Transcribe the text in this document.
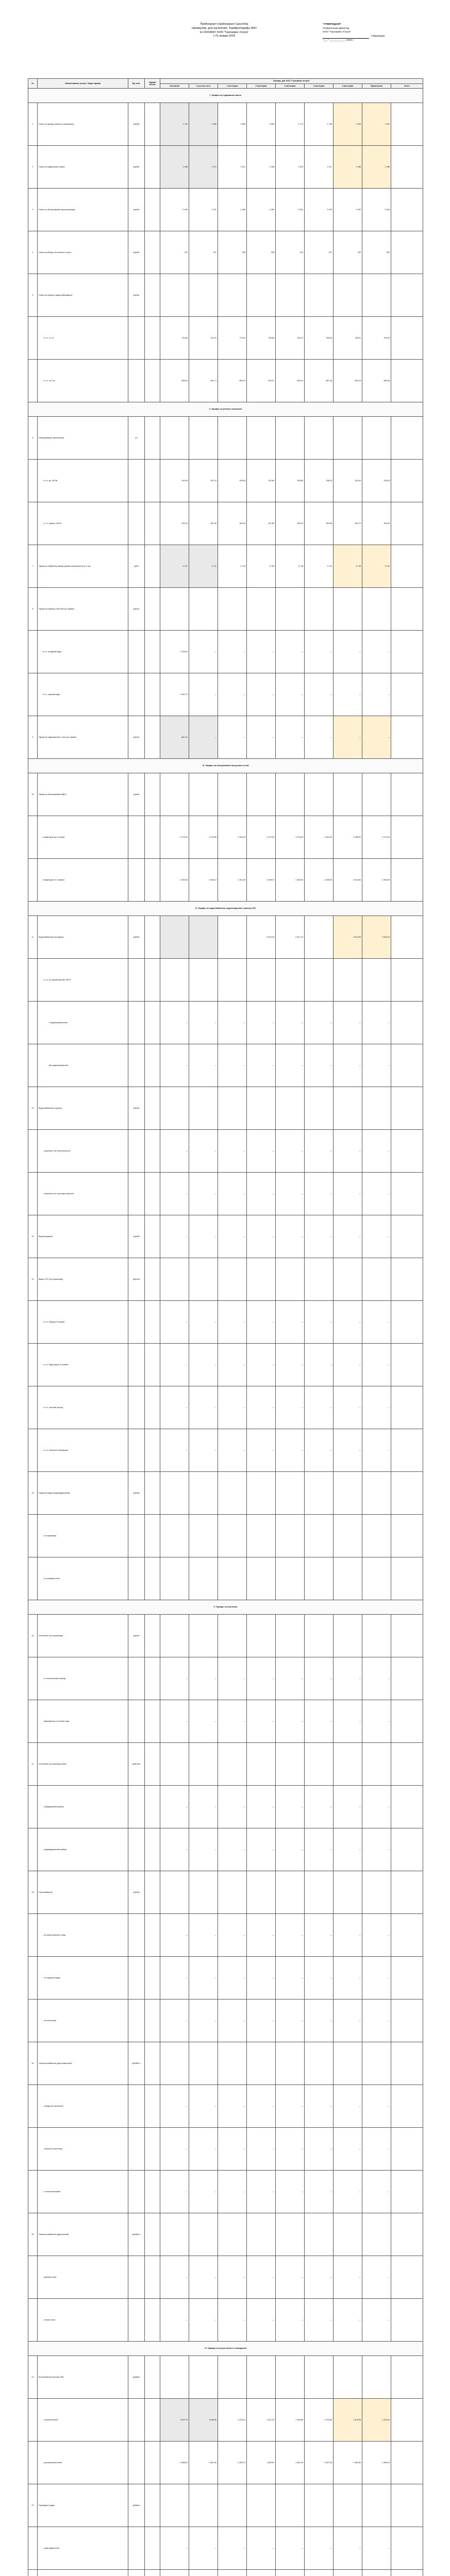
Прейскурант (прейскурант) Цен/сбор
сформулир. для населения, Тарифы/тарифы ЖКУ
по ОООЖКУ ООО "Горсервис Услуга"
с 01 января 2025
"УТВЕРЖДАЮ"
Генеральный директор
ООО "Горсервис Услуга"
Гайдамадзе
"___" ____________ 2025 г.
№	Наименование услуги / вида тарифа	Ед. изм.	Норма/ объем	Тарифы для ООО "Горсервис Услуга"								
				Основной	С учетом льгот	1 категория	2 категория	3 категория	4 категория	5 категория	Примечание	Итого
I. Тарифы на содержание жилья												
1	Плата за аренду нежилого помещения	руб/м2		1 795	1 840	1 895	1 860	1 774	1 795	1 843	1 901	
2	Плата за содержание лифта	руб/м2		1 498	1 471	1 521	1 498	1 502	1 517	1 468	1 496	
3	Плата за обслуживание мусоропровода	руб/м2		2 409	2 411	2 486	2 450	2 391	2 418	2 402	2 433	
4	Плата за уборку лестничных клеток	руб/м2		341	321	336	338	319	327	330	339	
5	Плата за охрану и видеонаблюдение	руб/м2										
	- в т.ч. с 1 эт.			754,89	761,03	770,40	758,66	760,12	765,84	768,31	762,05	
	- в т.ч. со 2 эт.			845,92	851,74	860,29	849,07	853,10	857,46	861,93	855,38	
II. Тарифы на уличное освещение												
6	Обслуживание светильника	шт										
	- в т.ч. до 100 Вт			294,90	297,10	299,45	291,80	295,60	298,15	300,40	296,25	
	- в т.ч. свыше 100 Вт			349,10	351,45	352,90	347,65	350,20	353,05	354,70	351,80	
7	Тариф за обработку заявки (вызов специалиста) за 1 час	руб/ч		17,37	17,11	17,45	17,50	17,28	17,42	17,33	17,40	
8	Тариф на поверку счётчика (по заявке)	руб/шт										
	в т.ч. холодной воды			1 196,40	—	—	—	—	—	—	—	
	в т.ч. горячей воды			1 281,70	—	—	—	—	—	—	—	
9	Тариф за подключение к сети (по заявке)	руб/шт		867,41	—	—	—	—	—	—	—	
III. Тарифы на обслуживание внутренних сетей												
10	Тариф на обслуживание ВДГО	руб/кв										
	в квартирах до 3 комнат			1 275,51	1 278,96	1 284,40	1 270,33	1 276,05	1 281,60	1 286,92	1 279,44	
	в квартирах от 4 комнат			1 502,80	1 506,10	1 511,45	1 498,70	1 503,90	1 508,25	1 513,60	1 505,35	
IV. Тарифы по водоснабжению, водоотведению и вывозу ТКО												
11	Водоснабжение (холодное)	руб/м3					2 815,40	2 817,10		2 812,90	2 816,20	
	- в т.ч. по нормативу (без ИПУ)											
	с водонагревателем			—	—	—	—	—	—	—	—	
	без водонагревателя			—	—	—	—	—	—	—	—	
12	Водоснабжение (горячее)	руб/м3										
	- компонент на теплоноситель			—	—	—	—	—	—	—	—	
	- компонент на тепловую энергию			—	—	—	—	—	—	—	—	
13	Водоотведение	руб/м3		—	—	—	—	—	—	—	—	
14	Вывоз ТКО (по нормативу)	руб/чел										
	- в т.ч. МКД до 5 этажей			—	—	—	—	—	—	—	—	
	- в т.ч. МКД свыше 5 этажей			—	—	—	—	—	—	—	—	
	- в т.ч. частный сектор			—	—	—	—	—	—	—	—	
	- в т.ч. нежилые помещения			—	—	—	—	—	—	—	—	
15	Подогрев воды (индивидуальный)	руб/м3										
	- по нормативу											
	- по прибору учёта											
V. Тарифы на отопление												
16	Отопление (по нормативу)	руб/м2										
	- в отопительный период			—	—	—	—	—	—	—	—	
	- равномерно в течение года			—	—	—	—	—	—	—	—	
17	Отопление (по прибору учёта)	руб/Гкал										
	- общедомовой прибор			—	—	—	—	—	—	—	—	
	- индивидуальный прибор			—	—	—	—	—	—	—	—	
18	Газоснабжение	руб/м3										
	- на приготовление пищи			—	—	—	—	—	—	—	—	
	- на подогрев воды			—	—	—	—	—	—	—	—	
	- на отопление			—	—	—	—	—	—	—	—	
19	Электроснабжение (одноставочный)	руб/кВт·ч										
	- городское население			—	—	—	—	—	—	—	—	
	- сельское население			—	—	—	—	—	—	—	—	
	- с электроплитами			—	—	—	—	—	—	—	—	
20	Электроснабжение (двухзонный)	руб/кВт·ч										
	- дневная зона			—	—	—	—	—	—	—	—	
	- ночная зона			—	—	—	—	—	—	—	—	
VI. Тарифы на услуги связи и телевидения												
21	Коллективная антенна (ТВ)	руб/мес										
	- основной пакет			1 402,75	1 398,40	1 405,10	1 401,20	1 399,85	1 403,60	1 400,05	1 402,30	
	- расширенный пакет			1 658,20	1 661,05	1 655,70	1 659,90	1 662,35	1 657,45	1 660,80	1 656,15	
22	Проводное радио	руб/мес										
	- одна радиоточка			—	—	—	—	—	—	—	—	
